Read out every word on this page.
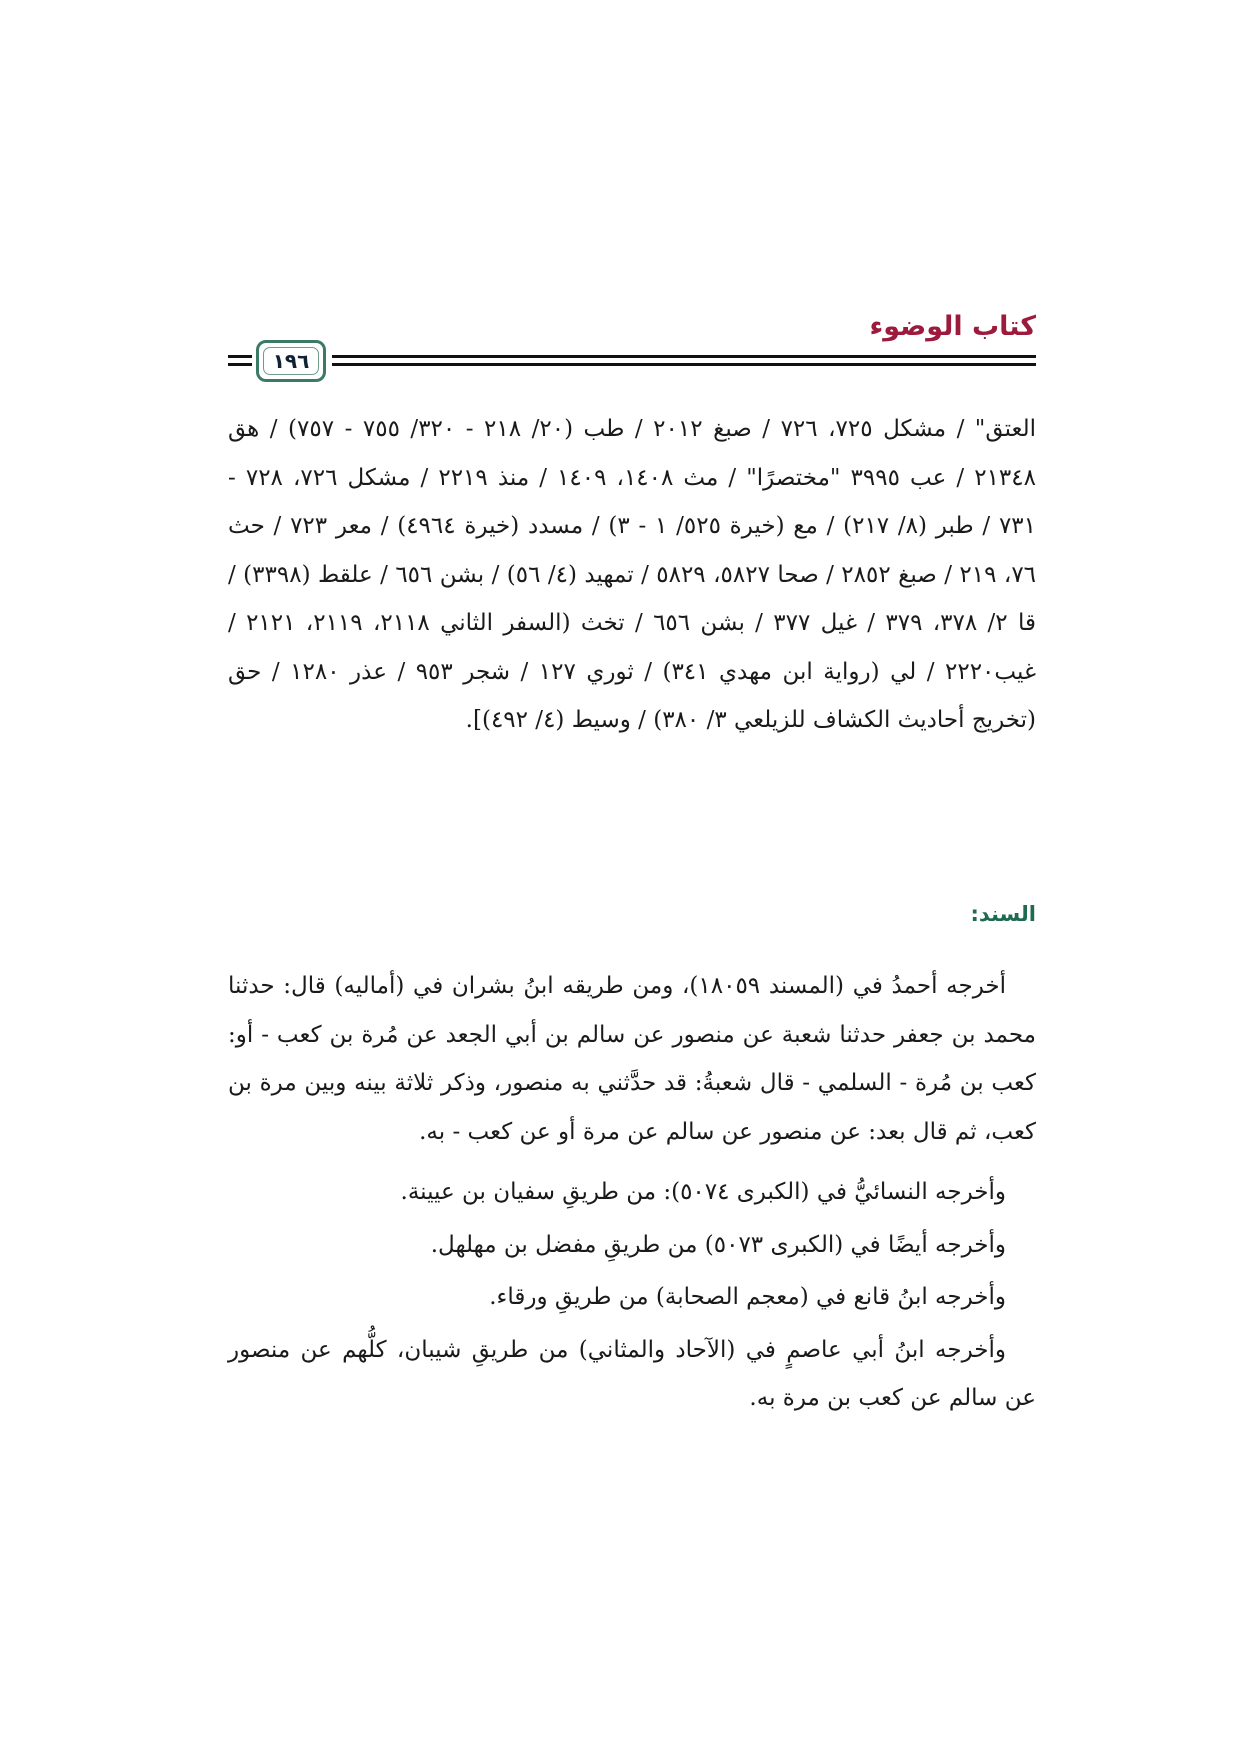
كتاب الوضوء
١٩٦

العتق" / مشكل ٧٢٥، ٧٢٦ / صبغ ٢٠١٢ / طب (٢٠/ ٢١٨ - ٣٢٠/ ٧٥٥ - ٧٥٧) / هق ٢١٣٤٨ / عب ٣٩٩٥ "مختصرًا" / مث ١٤٠٨، ١٤٠٩ / منذ ٢٢١٩ / مشكل ٧٢٦، ٧٢٨ - ٧٣١ / طبر (٨/ ٢١٧) / مع (خيرة ٥٢٥/ ١ - ٣) / مسدد (خيرة ٤٩٦٤) / معر ٧٢٣ / حث ٧٦، ٢١٩ / صبغ ٢٨٥٢ / صحا ٥٨٢٧، ٥٨٢٩ / تمهيد (٤/ ٥٦) / بشن ٦٥٦ / علقط (٣٣٩٨) / قا ٢/ ٣٧٨، ٣٧٩ / غيل ٣٧٧ / بشن ٦٥٦ / تخث (السفر الثاني ٢١١٨، ٢١١٩، ٢١٢١ / غيب٢٢٢٠ / لي (رواية ابن مهدي ٣٤١) / ثوري ١٢٧ / شجر ٩٥٣ / عذر ١٢٨٠ / حق (تخريج أحاديث الكشاف للزيلعي ٣/ ٣٨٠) / وسيط (٤/ ٤٩٢)].

السند:

أخرجه أحمدُ في (المسند ١٨٠٥٩)، ومن طريقه ابنُ بشران في (أماليه) قال: حدثنا محمد بن جعفر حدثنا شعبة عن منصور عن سالم بن أبي الجعد عن مُرة بن كعب - أو: كعب بن مُرة - السلمي - قال شعبةُ: قد حدَّثني به منصور، وذكر ثلاثة بينه وبين مرة بن كعب، ثم قال بعد: عن منصور عن سالم عن مرة أو عن كعب - به.

وأخرجه النسائيُّ في (الكبرى ٥٠٧٤): من طريقِ سفيان بن عيينة.

وأخرجه أيضًا في (الكبرى ٥٠٧٣) من طريقِ مفضل بن مهلهل.

وأخرجه ابنُ قانع في (معجم الصحابة) من طريقِ ورقاء.

وأخرجه ابنُ أبي عاصمٍ في (الآحاد والمثاني) من طريقِ شيبان، كلُّهم عن منصور عن سالم عن كعب بن مرة به.
